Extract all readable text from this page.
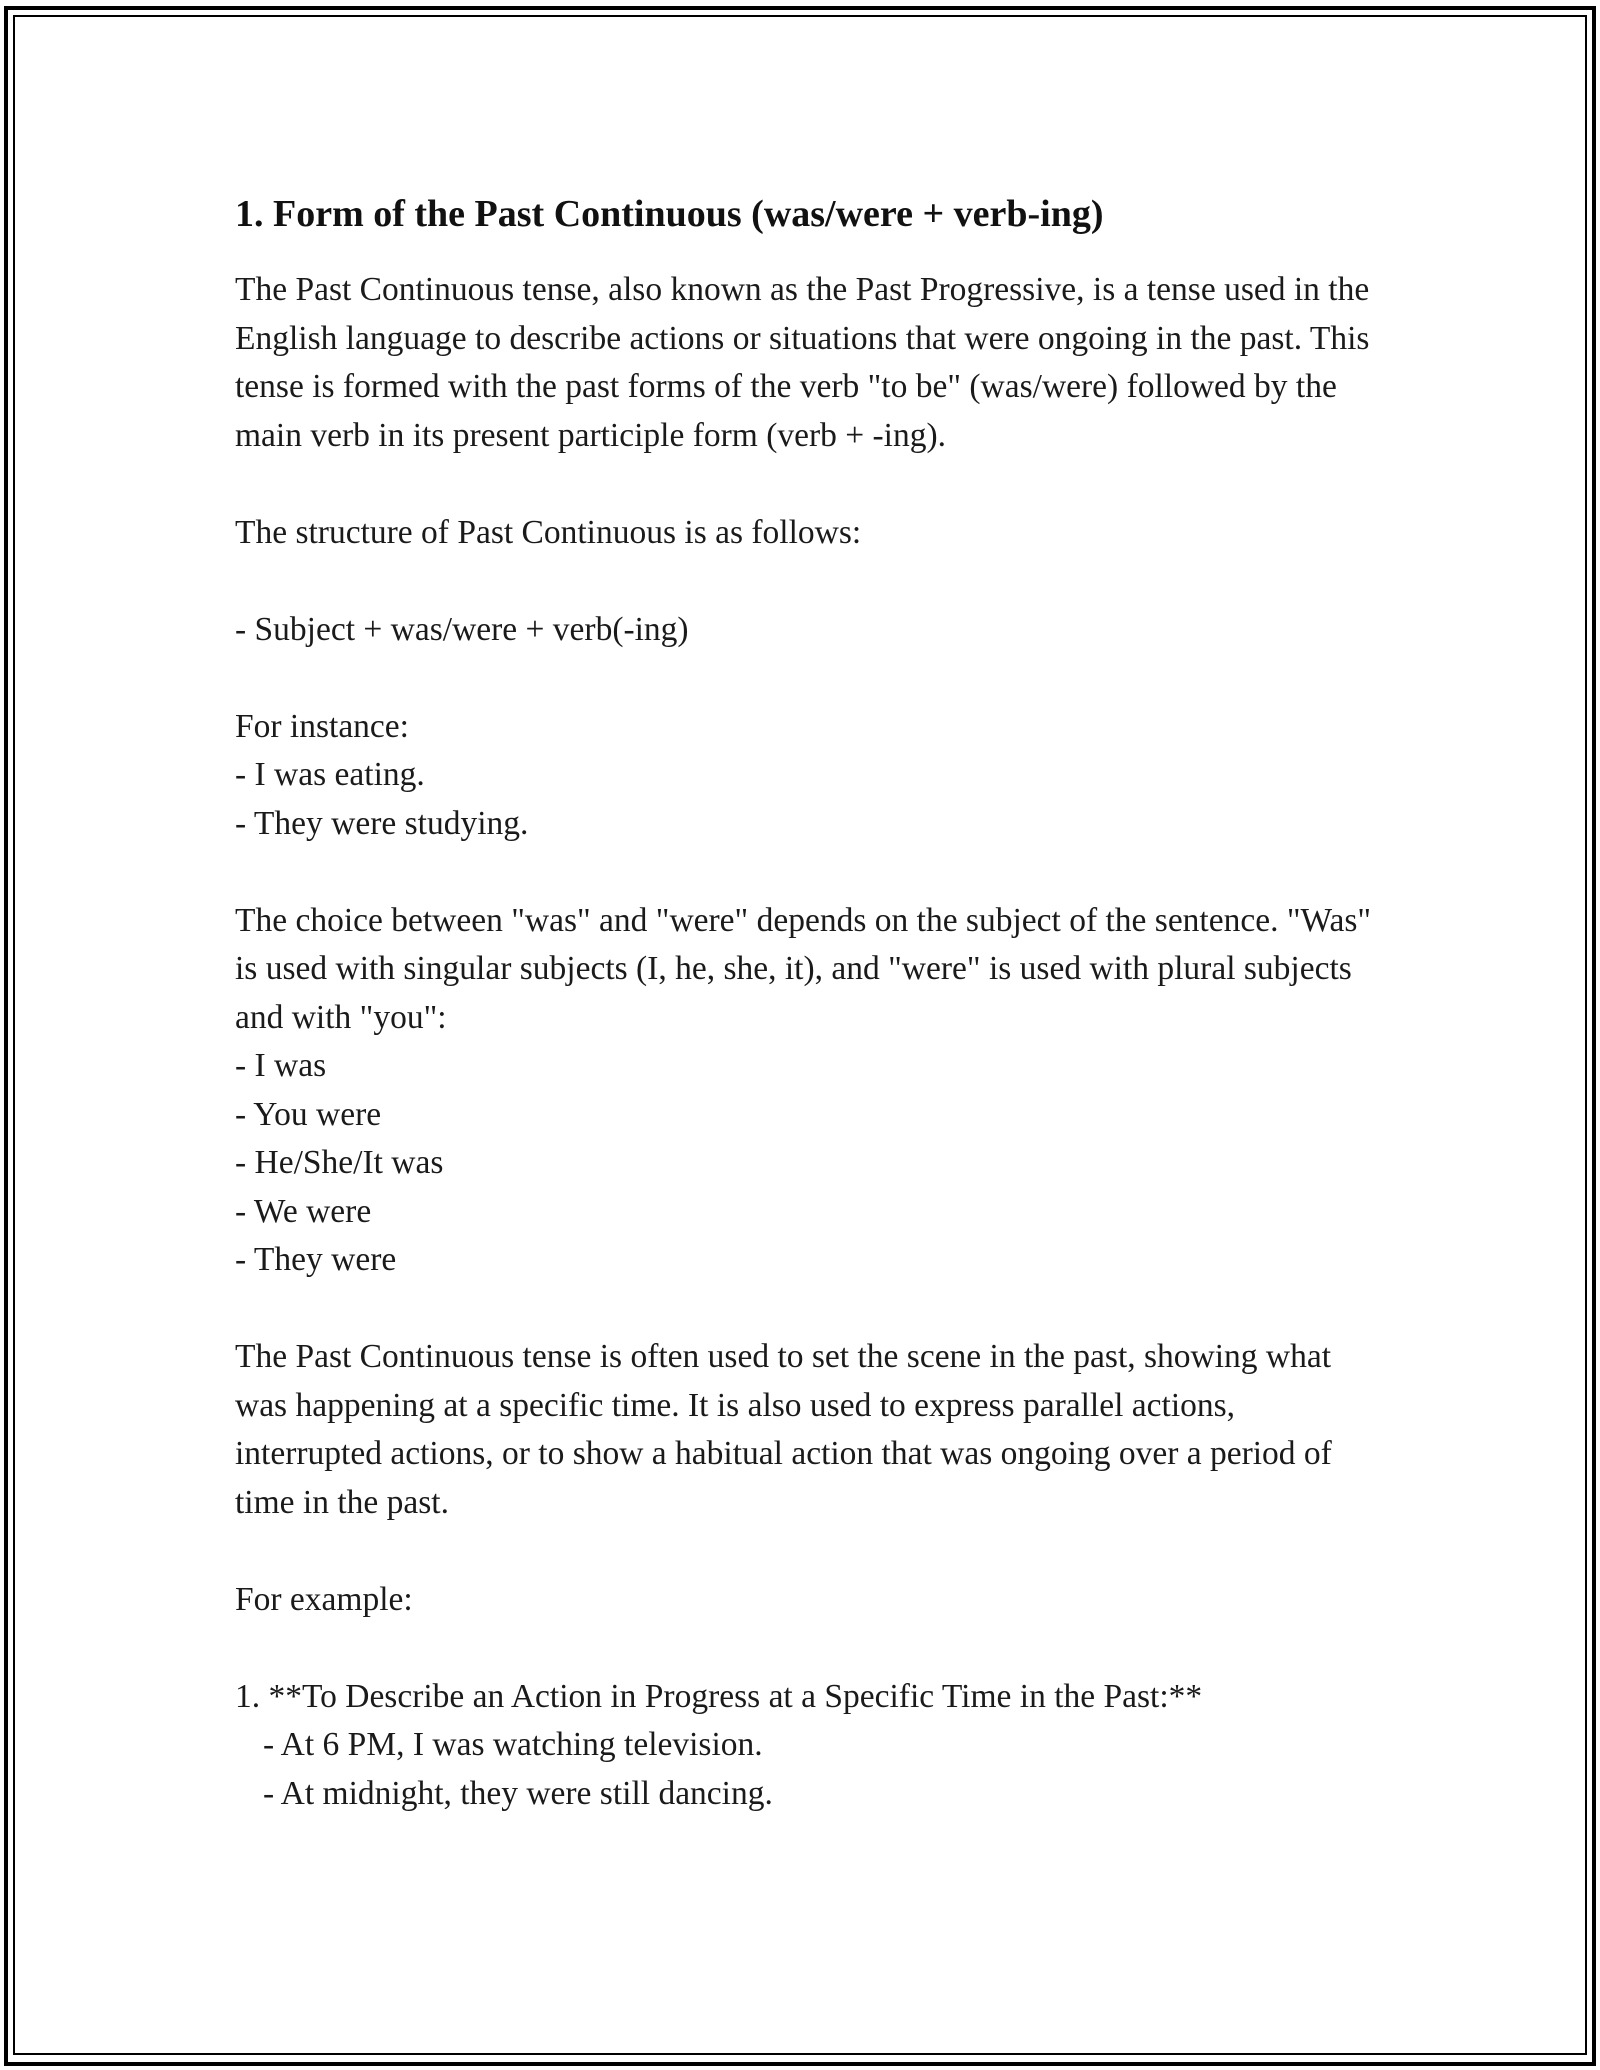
1. Form of the Past Continuous (was/were + verb-ing)

The Past Continuous tense, also known as the Past Progressive, is a tense used in the English language to describe actions or situations that were ongoing in the past. This tense is formed with the past forms of the verb "to be" (was/were) followed by the main verb in its present participle form (verb + -ing).

The structure of Past Continuous is as follows:

- Subject + was/were + verb(-ing)

For instance:

- I was eating.
- They were studying.

The choice between "was" and "were" depends on the subject of the sentence. "Was" is used with singular subjects (I, he, she, it), and "were" is used with plural subjects and with "you":

- I was
- You were
- He/She/It was
- We were
- They were

The Past Continuous tense is often used to set the scene in the past, showing what was happening at a specific time. It is also used to express parallel actions, interrupted actions, or to show a habitual action that was ongoing over a period of time in the past.

For example:

1. **To Describe an Action in Progress at a Specific Time in the Past:**

- At 6 PM, I was watching television.
- At midnight, they were still dancing.
